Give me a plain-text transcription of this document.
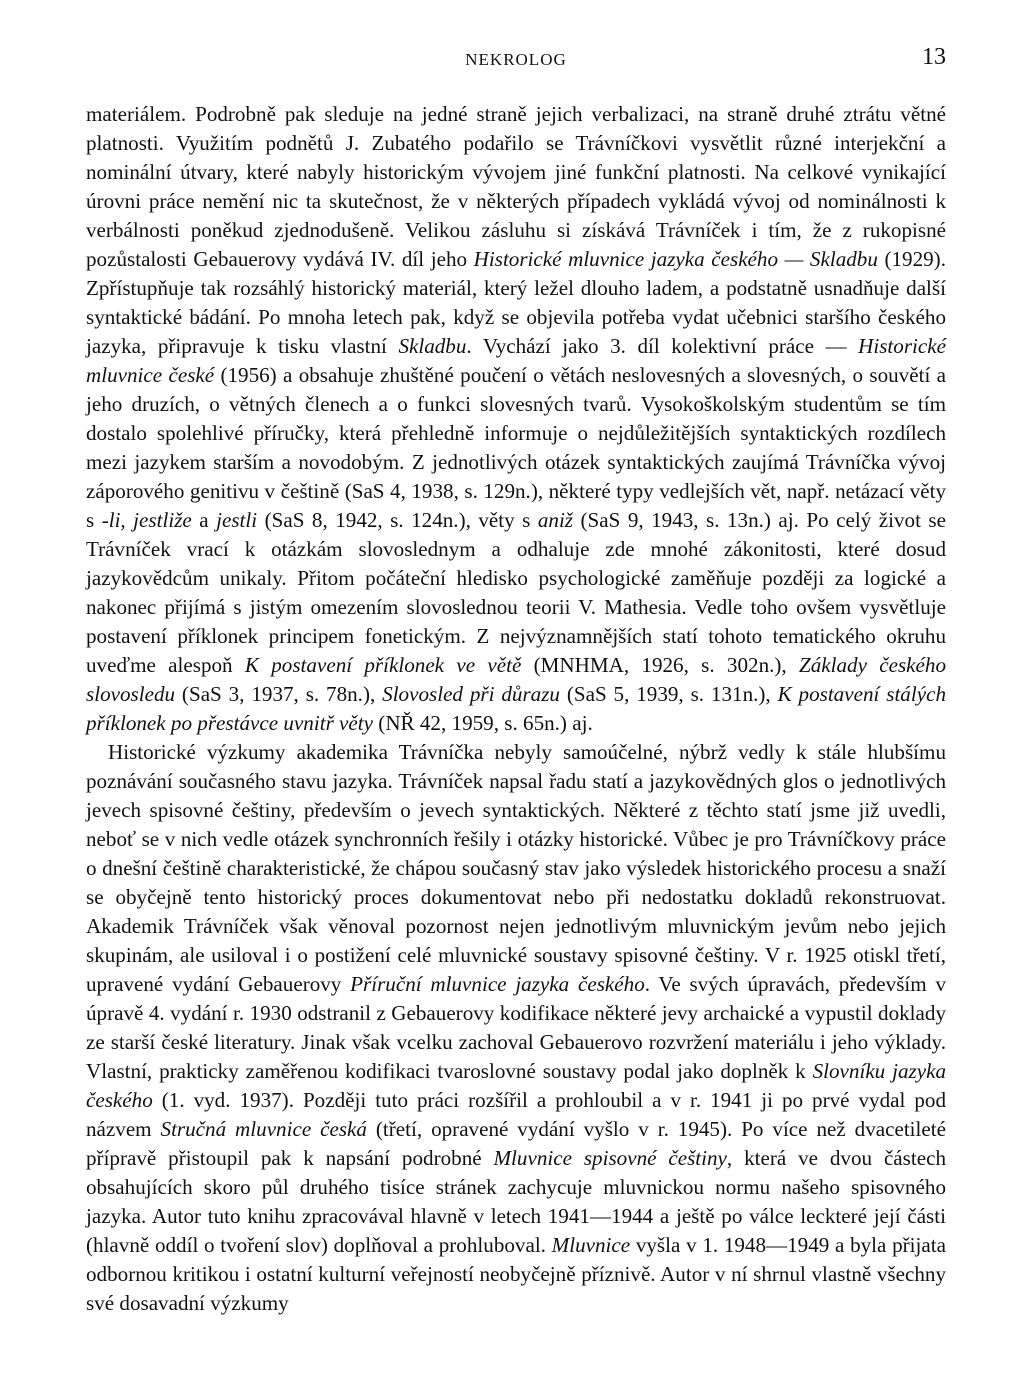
NEKROLOG	13

materiálem. Podrobně pak sleduje na jedné straně jejich verbalizaci, na straně druhé ztrátu větné platnosti. Využitím podnětů J. Zubatého podařilo se Trávníčkovi vysvětlit různé interjekční a nominální útvary, které nabyly historickým vývojem jiné funkční platnosti. Na celkové vynikající úrovni práce nemění nic ta skutečnost, že v některých případech vykládá vývoj od nominálnosti k verbálnosti poněkud zjednodušeně. Velikou zásluhu si získává Trávníček i tím, že z rukopisné pozůstalosti Gebauerovy vydává IV. díl jeho Historické mluvnice jazyka českého — Skladbu (1929). Zpřístupňuje tak rozsáhlý historický materiál, který ležel dlouho ladem, a podstatně usnadňuje další syntaktické bádání. Po mnoha letech pak, když se objevila potřeba vydat učebnici staršího českého jazyka, připravuje k tisku vlastní Skladbu. Vychází jako 3. díl kolektivní práce — Historické mluvnice české (1956) a obsahuje zhuštěné poučení o větách neslovesných a slovesných, o souvětí a jeho druzích, o větných členech a o funkci slovesných tvarů. Vysokoškolským studentům se tím dostalo spolehlivé příručky, která přehledně informuje o nejdůležitějších syntaktických rozdílech mezi jazykem starším a novodobým. Z jednotlivých otázek syntaktických zaujímá Trávníčka vývoj záporového genitivu v češtině (SaS 4, 1938, s. 129n.), některé typy vedlejších vět, např. netázací věty s -li, jestliže a jestli (SaS 8, 1942, s. 124n.), věty s aniž (SaS 9, 1943, s. 13n.) aj. Po celý život se Trávníček vrací k otázkám slovoslednym a odhaluje zde mnohé zákonitosti, které dosud jazykovědcům unikaly. Přitom počáteční hledisko psychologické zaměňuje později za logické a nakonec přijímá s jistým omezením slovoslednou teorii V. Mathesia. Vedle toho ovšem vysvětluje postavení příklonek principem fonetickým. Z nejvýznamnějších statí tohoto tematického okruhu uveďme alespoň K postavení příklonek ve větě (MNHMA, 1926, s. 302n.), Základy českého slovosledu (SaS 3, 1937, s. 78n.), Slovosled při důrazu (SaS 5, 1939, s. 131n.), K postavení stálých příklonek po přestávce uvnitř věty (NŘ 42, 1959, s. 65n.) aj.

Historické výzkumy akademika Trávníčka nebyly samoúčelné, nýbrž vedly k stále hlubšímu poznávání současného stavu jazyka. Trávníček napsal řadu statí a jazykovědných glos o jednotlivých jevech spisovné češtiny, především o jevech syntaktických. Některé z těchto statí jsme již uvedli, neboť se v nich vedle otázek synchronních řešily i otázky historické. Vůbec je pro Trávníčkovy práce o dnešní češtině charakteristické, že chápou současný stav jako výsledek historického procesu a snaží se obyčejně tento historický proces dokumentovat nebo při nedostatku dokladů rekonstruovat. Akademik Trávníček však věnoval pozornost nejen jednotlivým mluvnickým jevům nebo jejich skupinám, ale usiloval i o postižení celé mluvnické soustavy spisovné češtiny. V r. 1925 otiskl třetí, upravené vydání Gebauerovy Příruční mluvnice jazyka českého. Ve svých úpravách, především v úpravě 4. vydání r. 1930 odstranil z Gebauerovy kodifikace některé jevy archaické a vypustil doklady ze starší české literatury. Jinak však vcelku zachoval Gebauerovo rozvržení materiálu i jeho výklady. Vlastní, prakticky zaměřenou kodifikaci tvaroslovné soustavy podal jako doplněk k Slovníku jazyka českého (1. vyd. 1937). Později tuto práci rozšířil a prohloubil a v r. 1941 ji po prvé vydal pod názvem Stručná mluvnice česká (třetí, opravené vydání vyšlo v r. 1945). Po více než dvacetileté přípravě přistoupil pak k napsání podrobné Mluvnice spisovné češtiny, která ve dvou částech obsahujících skoro půl druhého tisíce stránek zachycuje mluvnickou normu našeho spisovného jazyka. Autor tuto knihu zpracovával hlavně v letech 1941—1944 a ještě po válce leckteré její části (hlavně oddíl o tvoření slov) doplňoval a prohluboval. Mluvnice vyšla v 1. 1948—1949 a byla přijata odbornou kritikou i ostatní kulturní veřejností neobyčejně příznivě. Autor v ní shrnul vlastně všechny své dosavadní výzkumy
